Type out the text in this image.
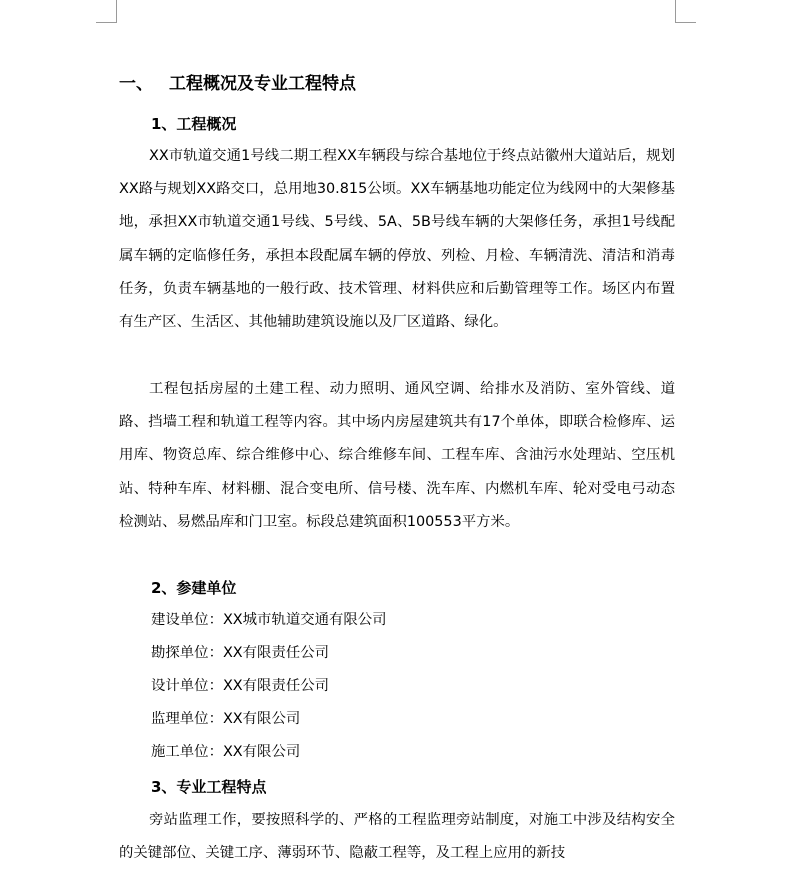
一、 工程概况及专业工程特点
1、工程概况
XX市轨道交通1号线二期工程XX车辆段与综合基地位于终点站徽州大道站后，规划XX路与规划XX路交口，总用地30.815公顷。XX车辆基地功能定位为线网中的大架修基地，承担XX市轨道交通1号线、5号线、5A、5B号线车辆的大架修任务，承担1号线配属车辆的定临修任务，承担本段配属车辆的停放、列检、月检、车辆清洗、清洁和消毒任务，负责车辆基地的一般行政、技术管理、材料供应和后勤管理等工作。场区内布置有生产区、生活区、其他辅助建筑设施以及厂区道路、绿化。
工程包括房屋的土建工程、动力照明、通风空调、给排水及消防、室外管线、道路、挡墙工程和轨道工程等内容。其中场内房屋建筑共有17个单体，即联合检修库、运用库、物资总库、综合维修中心、综合维修车间、工程车库、含油污水处理站、空压机站、特种车库、材料棚、混合变电所、信号楼、洗车库、内燃机车库、轮对受电弓动态检测站、易燃品库和门卫室。标段总建筑面积100553平方米。
2、参建单位
建设单位：XX城市轨道交通有限公司
勘探单位：XX有限责任公司
设计单位：XX有限责任公司
监理单位：XX有限公司
施工单位：XX有限公司
3、专业工程特点
旁站监理工作，要按照科学的、严格的工程监理旁站制度，对施工中涉及结构安全的关键部位、关键工序、薄弱环节、隐蔽工程等，及工程上应用的新技
